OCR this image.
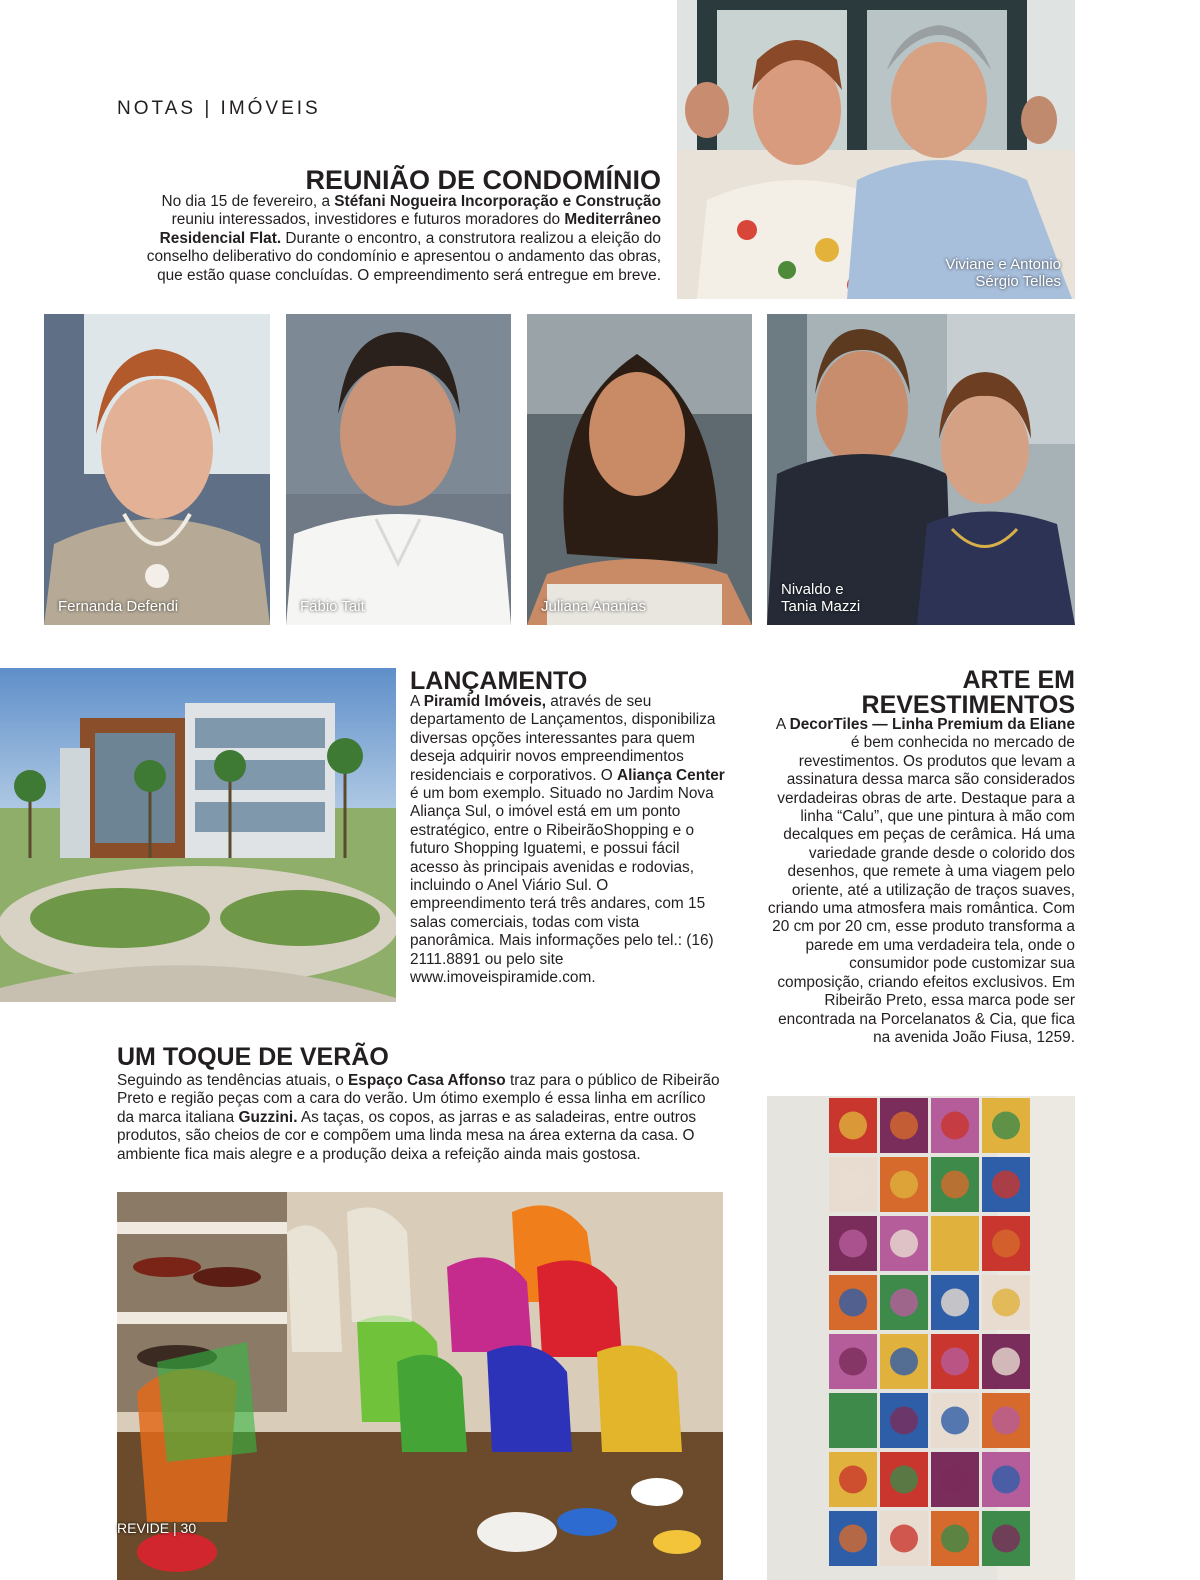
NOTAS | IMÓVEIS
Viviane e Antonio
Sérgio Telles
REUNIÃO DE CONDOMÍNIO
No dia 15 de fevereiro, a Stéfani Nogueira Incorporação e Construção reuniu interessados, investidores e futuros moradores do Mediterrâneo Residencial Flat. Durante o encontro, a construtora realizou a eleição do conselho deliberativo do condomínio e apresentou o andamento das obras, que estão quase concluídas. O empreendimento será entregue em breve.
Fernanda Defendi	Fábio Tait	Juliana Ananias
Nivaldo e
Tania Mazzi
LANÇAMENTO
A Piramid Imóveis, através de seu departamento de Lançamentos, disponibiliza diversas opções interessantes para quem deseja adquirir novos empreendimentos residenciais e corporativos. O Aliança Center é um bom exemplo. Situado no Jardim Nova Aliança Sul, o imóvel está em um ponto estratégico, entre o RibeirãoShopping e o futuro Shopping Iguatemi, e possui fácil acesso às principais avenidas e rodovias, incluindo o Anel Viário Sul. O empreendimento terá três andares, com 15 salas comerciais, todas com vista panorâmica. Mais informações pelo tel.: (16) 2111.8891 ou pelo site www.imoveispiramide.com.
ARTE EM
REVESTIMENTOS
A DecorTiles — Linha Premium da Eliane é bem conhecida no mercado de revestimentos. Os produtos que levam a assinatura dessa marca são considerados verdadeiras obras de arte. Destaque para a linha “Calu”, que une pintura à mão com decalques em peças de cerâmica. Há uma variedade grande desde o colorido dos desenhos, que remete à uma viagem pelo oriente, até a utilização de traços suaves, criando uma atmosfera mais romântica. Com 20 cm por 20 cm, esse produto transforma a parede em uma verdadeira tela, onde o consumidor pode customizar sua composição, criando efeitos exclusivos. Em Ribeirão Preto, essa marca pode ser encontrada na Porcelanatos & Cia, que fica na avenida João Fiusa, 1259.
UM TOQUE DE VERÃO
Seguindo as tendências atuais, o Espaço Casa Affonso traz para o público de Ribeirão Preto e região peças com a cara do verão. Um ótimo exemplo é essa linha em acrílico da marca italiana Guzzini. As taças, os copos, as jarras e as saladeiras, entre outros produtos, são cheios de cor e compõem uma linda mesa na área externa da casa. O ambiente fica mais alegre e a produção deixa a refeição ainda mais gostosa.
REVIDE | 30
